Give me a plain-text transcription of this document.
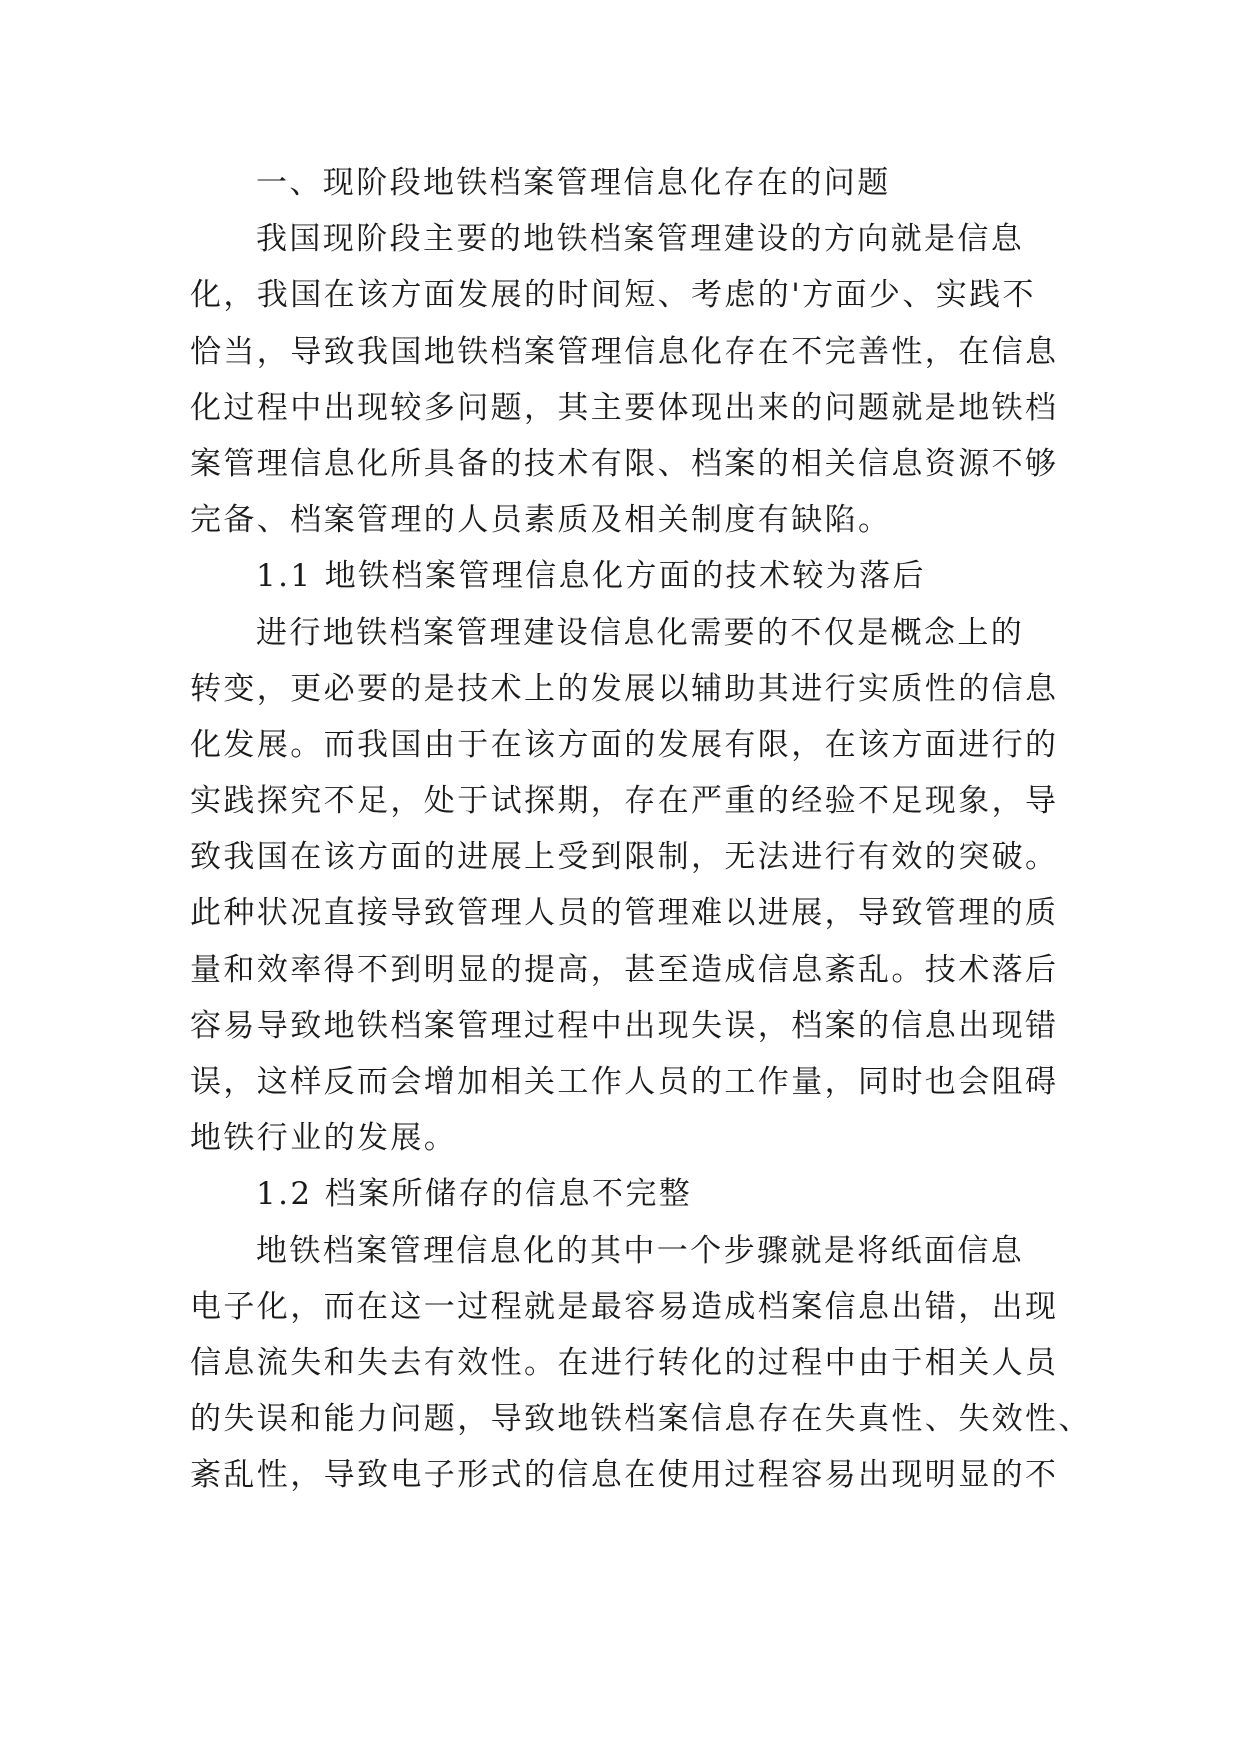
一、现阶段地铁档案管理信息化存在的问题
我国现阶段主要的地铁档案管理建设的方向就是信息
化，我国在该方面发展的时间短、考虑的'方面少、实践不
恰当，导致我国地铁档案管理信息化存在不完善性，在信息
化过程中出现较多问题，其主要体现出来的问题就是地铁档
案管理信息化所具备的技术有限、档案的相关信息资源不够
完备、档案管理的人员素质及相关制度有缺陷。
1.1 地铁档案管理信息化方面的技术较为落后
进行地铁档案管理建设信息化需要的不仅是概念上的
转变，更必要的是技术上的发展以辅助其进行实质性的信息
化发展。而我国由于在该方面的发展有限，在该方面进行的
实践探究不足，处于试探期，存在严重的经验不足现象，导
致我国在该方面的进展上受到限制，无法进行有效的突破。
此种状况直接导致管理人员的管理难以进展，导致管理的质
量和效率得不到明显的提高，甚至造成信息紊乱。技术落后
容易导致地铁档案管理过程中出现失误，档案的信息出现错
误，这样反而会增加相关工作人员的工作量，同时也会阻碍
地铁行业的发展。
1.2 档案所储存的信息不完整
地铁档案管理信息化的其中一个步骤就是将纸面信息
电子化，而在这一过程就是最容易造成档案信息出错，出现
信息流失和失去有效性。在进行转化的过程中由于相关人员
的失误和能力问题，导致地铁档案信息存在失真性、失效性、
紊乱性，导致电子形式的信息在使用过程容易出现明显的不
